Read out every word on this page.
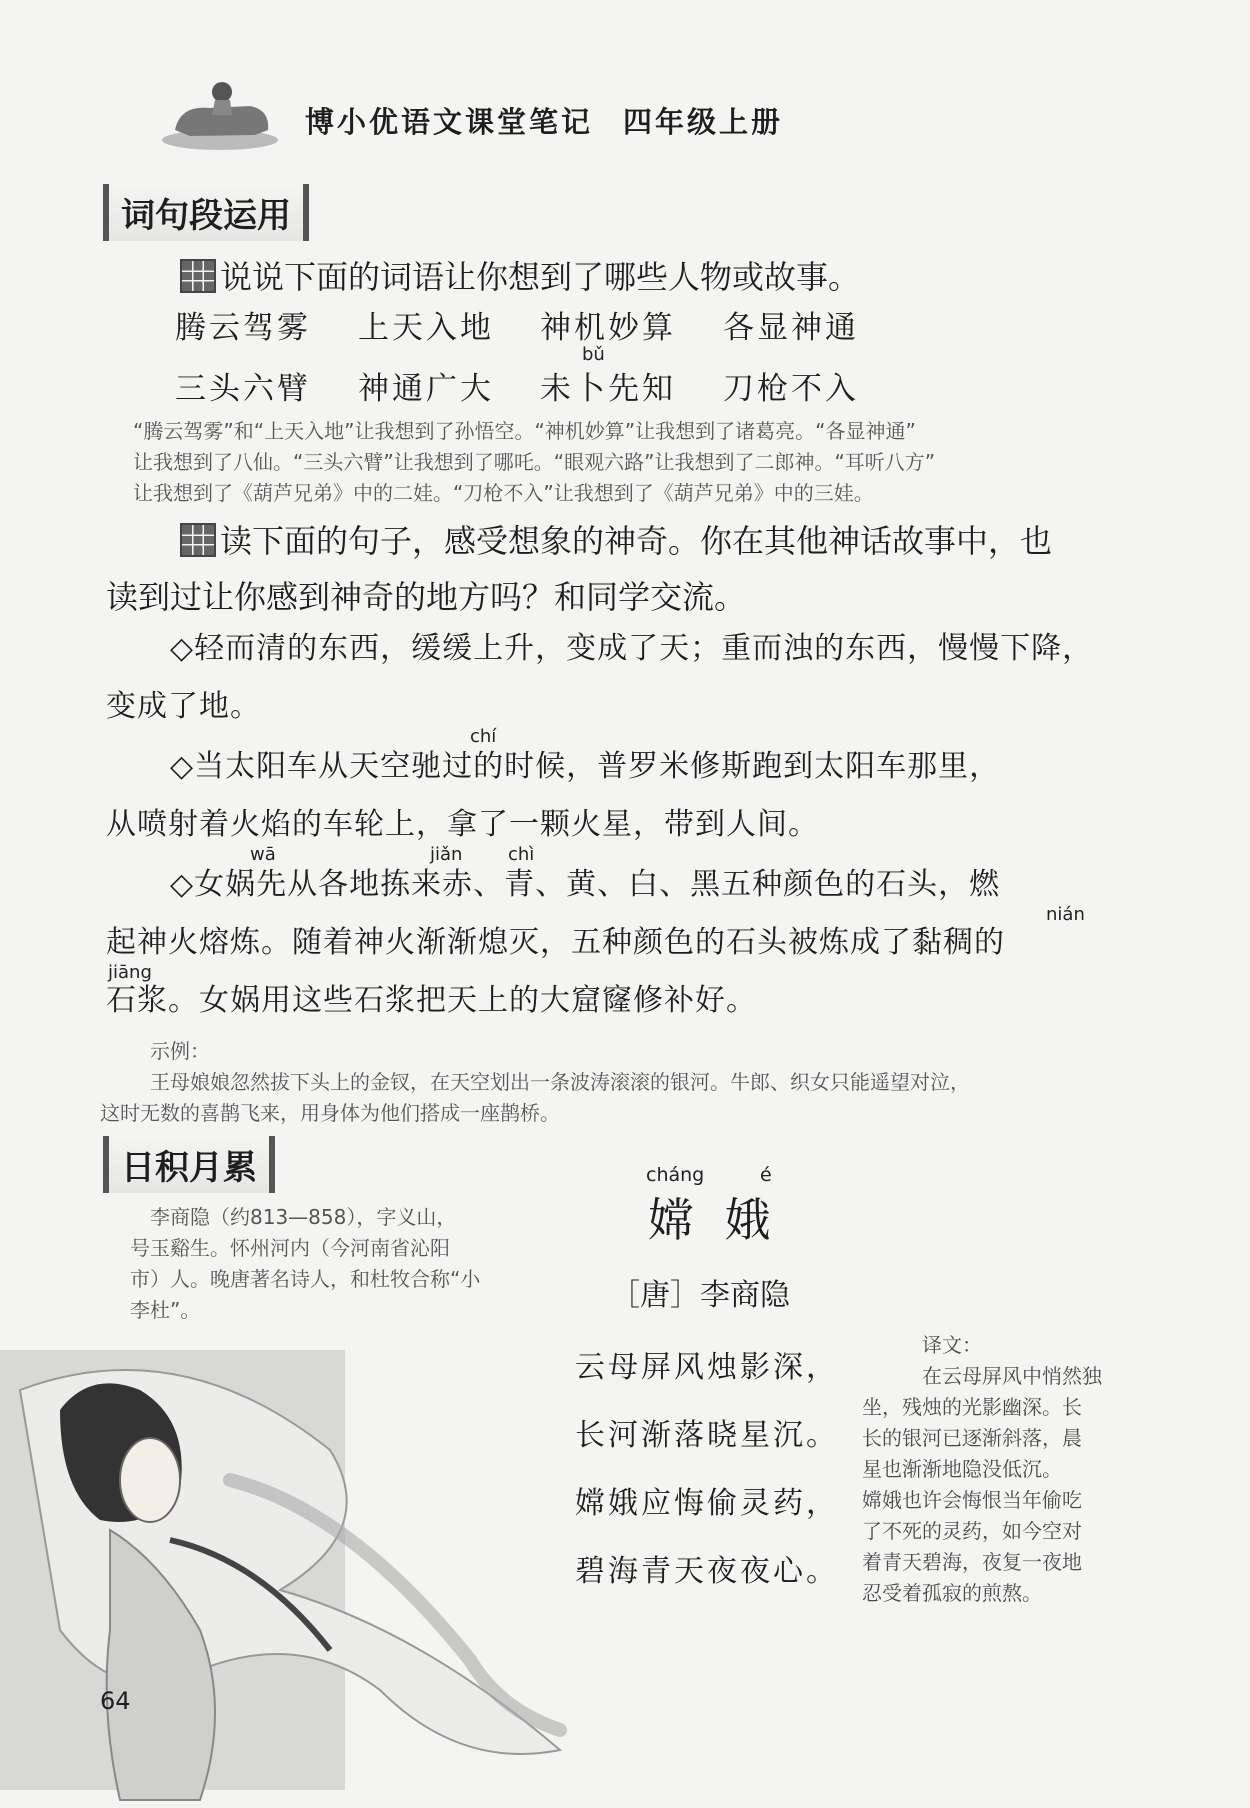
博小优语文课堂笔记 四年级上册
词句段运用
说说下面的词语让你想到了哪些人物或故事。
腾云驾雾 上天入地 神机妙算 各显神通
三头六臂 神通广大 未卜先知 刀枪不入
bǔ
“腾云驾雾”和“上天入地”让我想到了孙悟空。“神机妙算”让我想到了诸葛亮。“各显神通”
让我想到了八仙。“三头六臂”让我想到了哪吒。“眼观六路”让我想到了二郎神。“耳听八方”
让我想到了《葫芦兄弟》中的二娃。“刀枪不入”让我想到了《葫芦兄弟》中的三娃。
读下面的句子，感受想象的神奇。你在其他神话故事中，也
读到过让你感到神奇的地方吗？和同学交流。
◇轻而清的东西，缓缓上升，变成了天；重而浊的东西，慢慢下降，
变成了地。
chí
◇当太阳车从天空驰过的时候，普罗米修斯跑到太阳车那里，
从喷射着火焰的车轮上，拿了一颗火星，带到人间。
wā	jiǎn	chì
nián
jiāng
◇女娲先从各地拣来赤、青、黄、白、黑五种颜色的石头，燃
起神火熔炼。随着神火渐渐熄灭，五种颜色的石头被炼成了黏稠的
石浆。女娲用这些石浆把天上的大窟窿修补好。
示例：
王母娘娘忽然拔下头上的金钗，在天空划出一条波涛滚滚的银河。牛郎、织女只能遥望对泣，
这时无数的喜鹊飞来，用身体为他们搭成一座鹊桥。
日积月累
李商隐（约813—858），字义山，
号玉谿生。怀州河内（今河南省沁阳
市）人。晚唐著名诗人，和杜牧合称“小
李杜”。
cháng	é
嫦 娥
［唐］李商隐
云母屏风烛影深，
长河渐落晓星沉。
嫦娥应悔偷灵药，
碧海青天夜夜心。
译文：
在云母屏风中悄然独
坐，残烛的光影幽深。长
长的银河已逐渐斜落，晨
星也渐渐地隐没低沉。
嫦娥也许会悔恨当年偷吃
了不死的灵药，如今空对
着青天碧海，夜复一夜地
忍受着孤寂的煎熬。
64
